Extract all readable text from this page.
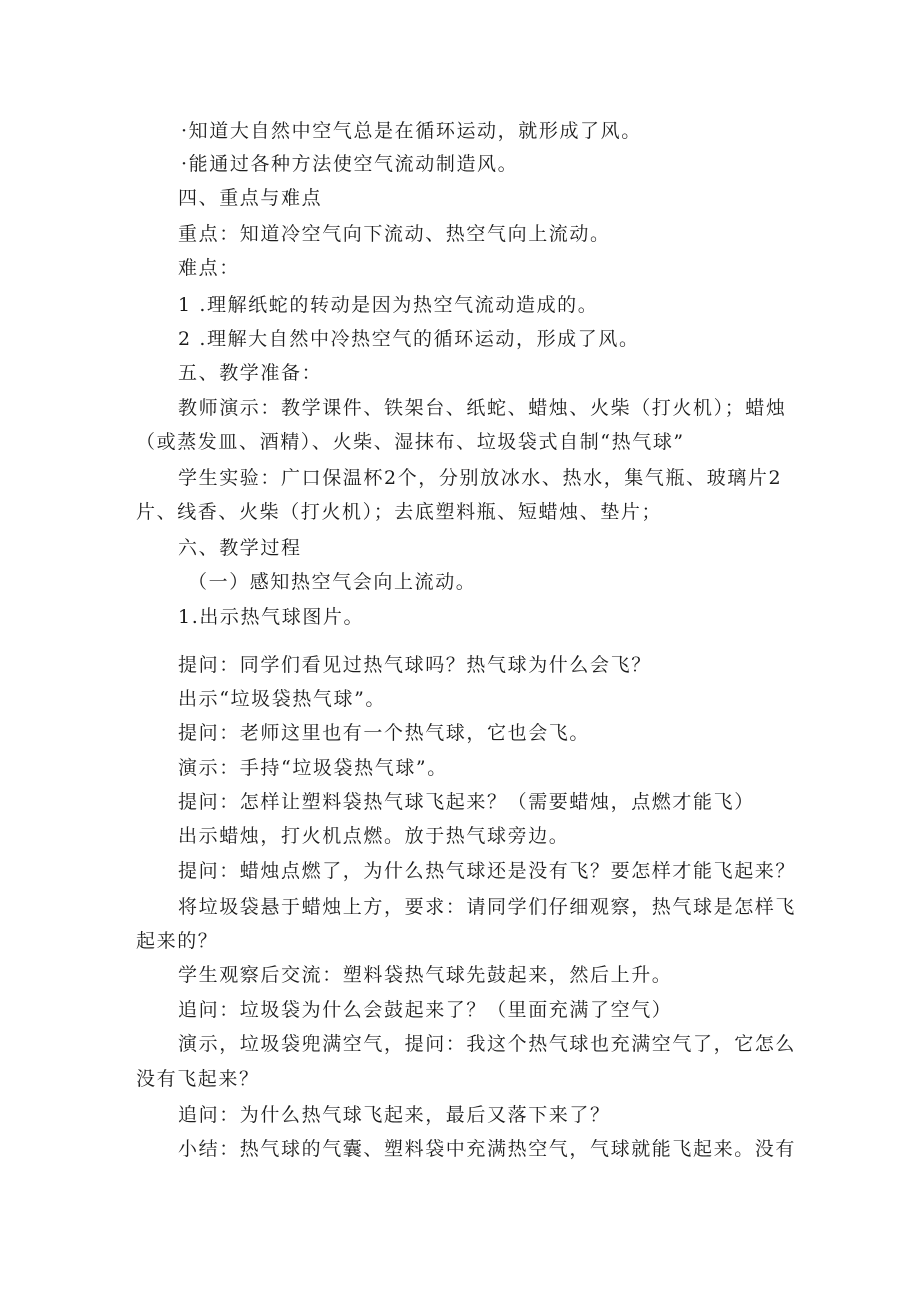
·知道大自然中空气总是在循环运动，就形成了风。
·能通过各种方法使空气流动制造风。
四、重点与难点
重点：知道冷空气向下流动、热空气向上流动。
难点：
1 .理解纸蛇的转动是因为热空气流动造成的。
2 .理解大自然中冷热空气的循环运动，形成了风。
五、教学准备：
教师演示：教学课件、铁架台、纸蛇、蜡烛、火柴（打火机）；蜡烛
（或蒸发皿、酒精）、火柴、湿抹布、垃圾袋式自制“热气球”
学生实验：广口保温杯2个，分别放冰水、热水，集气瓶、玻璃片2
片、线香、火柴（打火机）；去底塑料瓶、短蜡烛、垫片；
六、教学过程
（一）感知热空气会向上流动。
1.出示热气球图片。
提问：同学们看见过热气球吗？热气球为什么会飞？
出示“垃圾袋热气球”。
提问：老师这里也有一个热气球，它也会飞。
演示：手持“垃圾袋热气球”。
提问：怎样让塑料袋热气球飞起来？（需要蜡烛，点燃才能飞）
出示蜡烛，打火机点燃。放于热气球旁边。
提问：蜡烛点燃了，为什么热气球还是没有飞？要怎样才能飞起来？
将垃圾袋悬于蜡烛上方，要求：请同学们仔细观察，热气球是怎样飞
起来的？
学生观察后交流：塑料袋热气球先鼓起来，然后上升。
追问：垃圾袋为什么会鼓起来了？（里面充满了空气）
演示，垃圾袋兜满空气，提问：我这个热气球也充满空气了，它怎么
没有飞起来？
追问：为什么热气球飞起来，最后又落下来了？
小结：热气球的气囊、塑料袋中充满热空气，气球就能飞起来。没有
